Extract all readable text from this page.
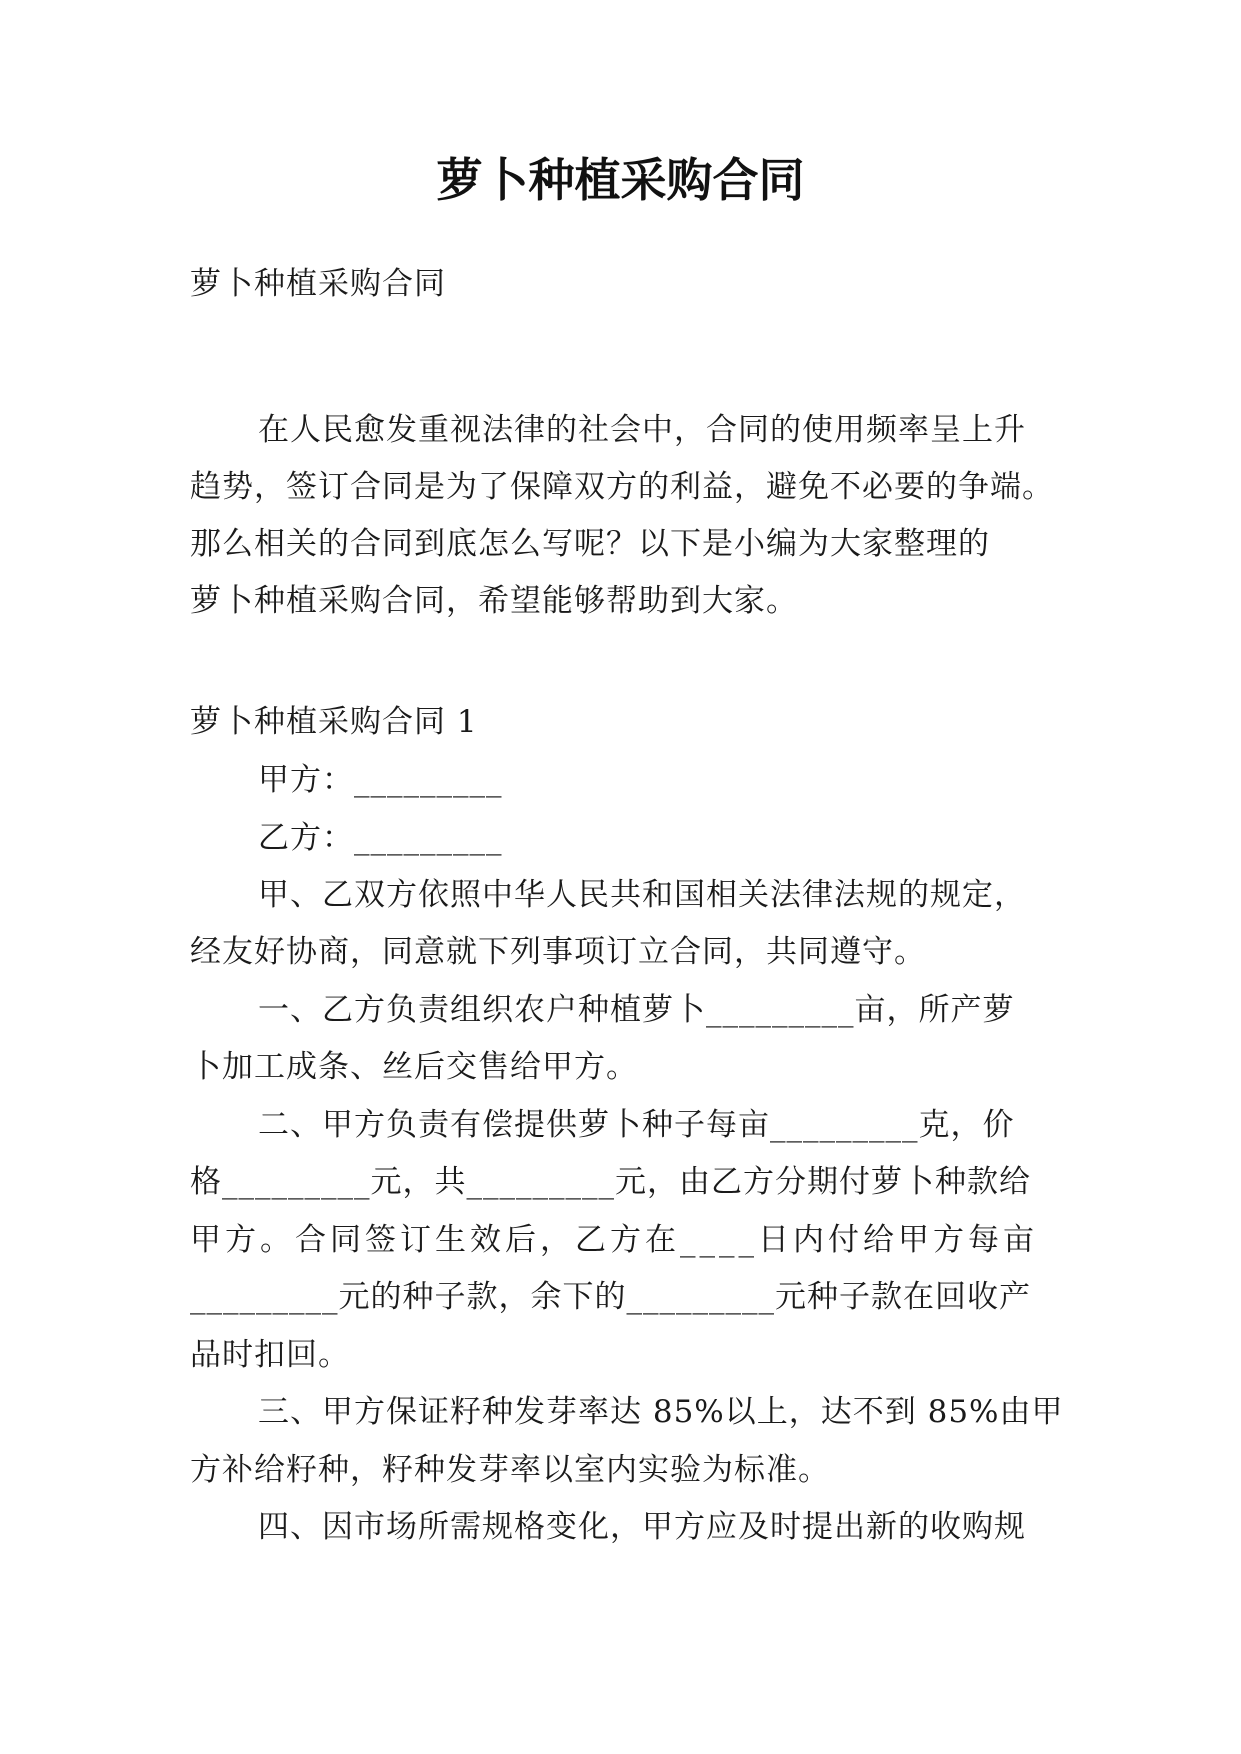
萝卜种植采购合同
萝卜种植采购合同
在人民愈发重视法律的社会中，合同的使用频率呈上升
趋势，签订合同是为了保障双方的利益，避免不必要的争端。
那么相关的合同到底怎么写呢？以下是小编为大家整理的
萝卜种植采购合同，希望能够帮助到大家。
萝卜种植采购合同 1
甲方：_________
乙方：_________
甲、乙双方依照中华人民共和国相关法律法规的规定，
经友好协商，同意就下列事项订立合同，共同遵守。
一、乙方负责组织农户种植萝卜_________亩，所产萝
卜加工成条、丝后交售给甲方。
二、甲方负责有偿提供萝卜种子每亩_________克，价
格_________元，共_________元，由乙方分期付萝卜种款给
甲方。合同签订生效后，乙方在____日内付给甲方每亩
_________元的种子款，余下的_________元种子款在回收产
品时扣回。
三、甲方保证籽种发芽率达 85%以上，达不到 85%由甲
方补给籽种，籽种发芽率以室内实验为标准。
四、因市场所需规格变化，甲方应及时提出新的收购规
